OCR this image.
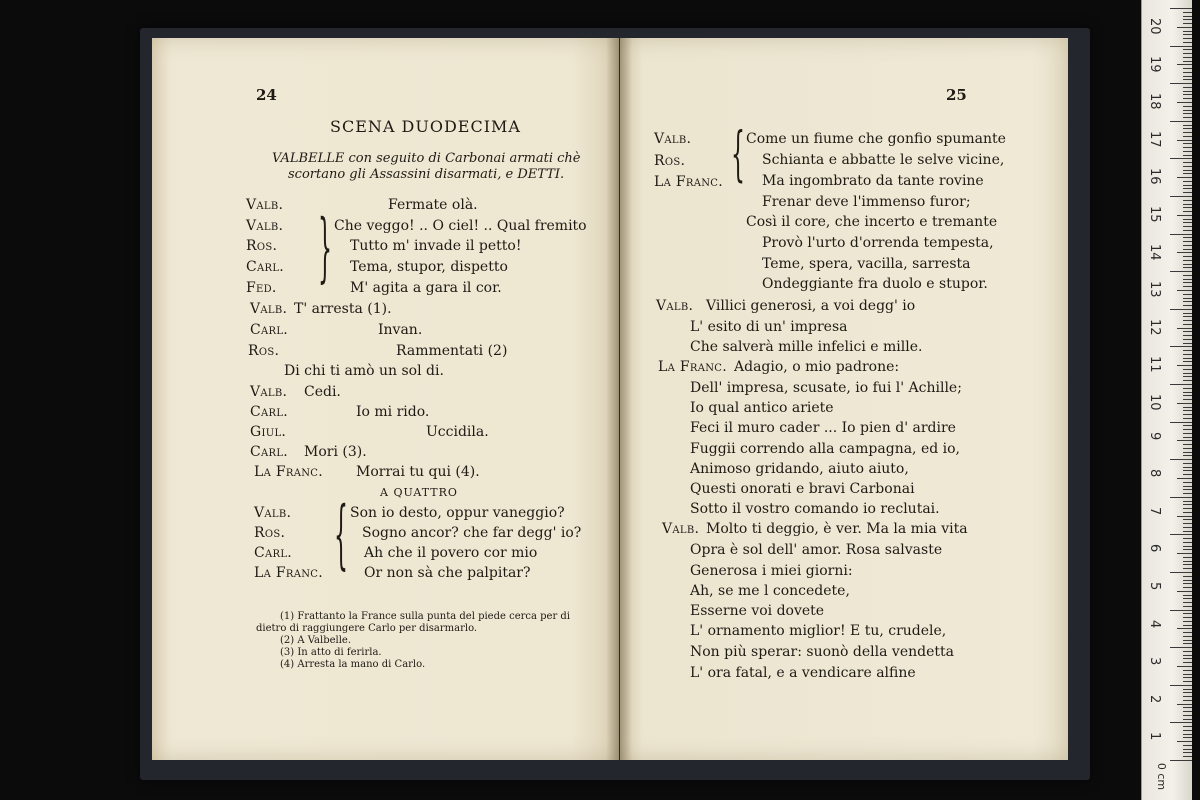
24
SCENA DUODECIMA
VALBELLE con seguito di Carbonai armati chè
scortano gli Assassini disarmati, e DETTI.
Valb.
Valb.
Ros.
Carl.
Fed.
Valb.
Carl.
Ros.
Valb.
Carl.
Giul.
Carl.
La Franc.
Fermate olà.
Che veggo! .. O ciel! .. Qual fremito
Tutto m' invade il petto!
Tema, stupor, dispetto
M' agita a gara il cor.
T' arresta (1).
Invan.
Rammentati (2)
Di chi ti amò un sol di.
Cedi.
Io mi rido.
Uccidila.
Mori (3).
Morrai tu qui (4).
}
A QUATTRO
Valb.
Ros.
Carl.
La Franc. { Son io desto, oppur vaneggio?
Sogno ancor? che far degg' io?
Ah che il povero cor mio
Or non sà che palpitar?
(1) Frattanto la France sulla punta del piede cerca per di
dietro di raggiungere Carlo per disarmarlo.
(2) A Valbelle.
(3) In atto di ferirla.
(4) Arresta la mano di Carlo.
25
Valb.
Ros.
La Franc. { Come un fiume che gonfio spumante
Schianta e abbatte le selve vicine,
Ma ingombrato da tante rovine
Frenar deve l'immenso furor;
Così il core, che incerto e tremante
Provò l'urto d'orrenda tempesta,
Teme, spera, vacilla, sarresta
Ondeggiante fra duolo e stupor.
Valb. Villici generosi, a voi degg' io
L' esito di un' impresa
Che salverà mille infelici e mille.
La Franc. Adagio, o mio padrone:
Dell' impresa, scusate, io fui l' Achille;
Io qual antico ariete
Feci il muro cader ... Io pien d' ardire
Fuggii correndo alla campagna, ed io,
Animoso gridando, aiuto aiuto,
Questi onorati e bravi Carbonai
Sotto il vostro comando io reclutai.
Valb. Molto ti deggio, è ver. Ma la mia vita
Opra è sol dell' amor. Rosa salvaste
Generosa i miei giorni:
Ah, se me l concedete,
Esserne voi dovete
L' ornamento miglior! E tu, crudele,
Non più sperar: suonò della vendetta
L' ora fatal, e a vendicare alfine
20
19
18
17
16
15
14
13
12
11
10
9
8
7
6
5
4
3
2
1
0 cm
